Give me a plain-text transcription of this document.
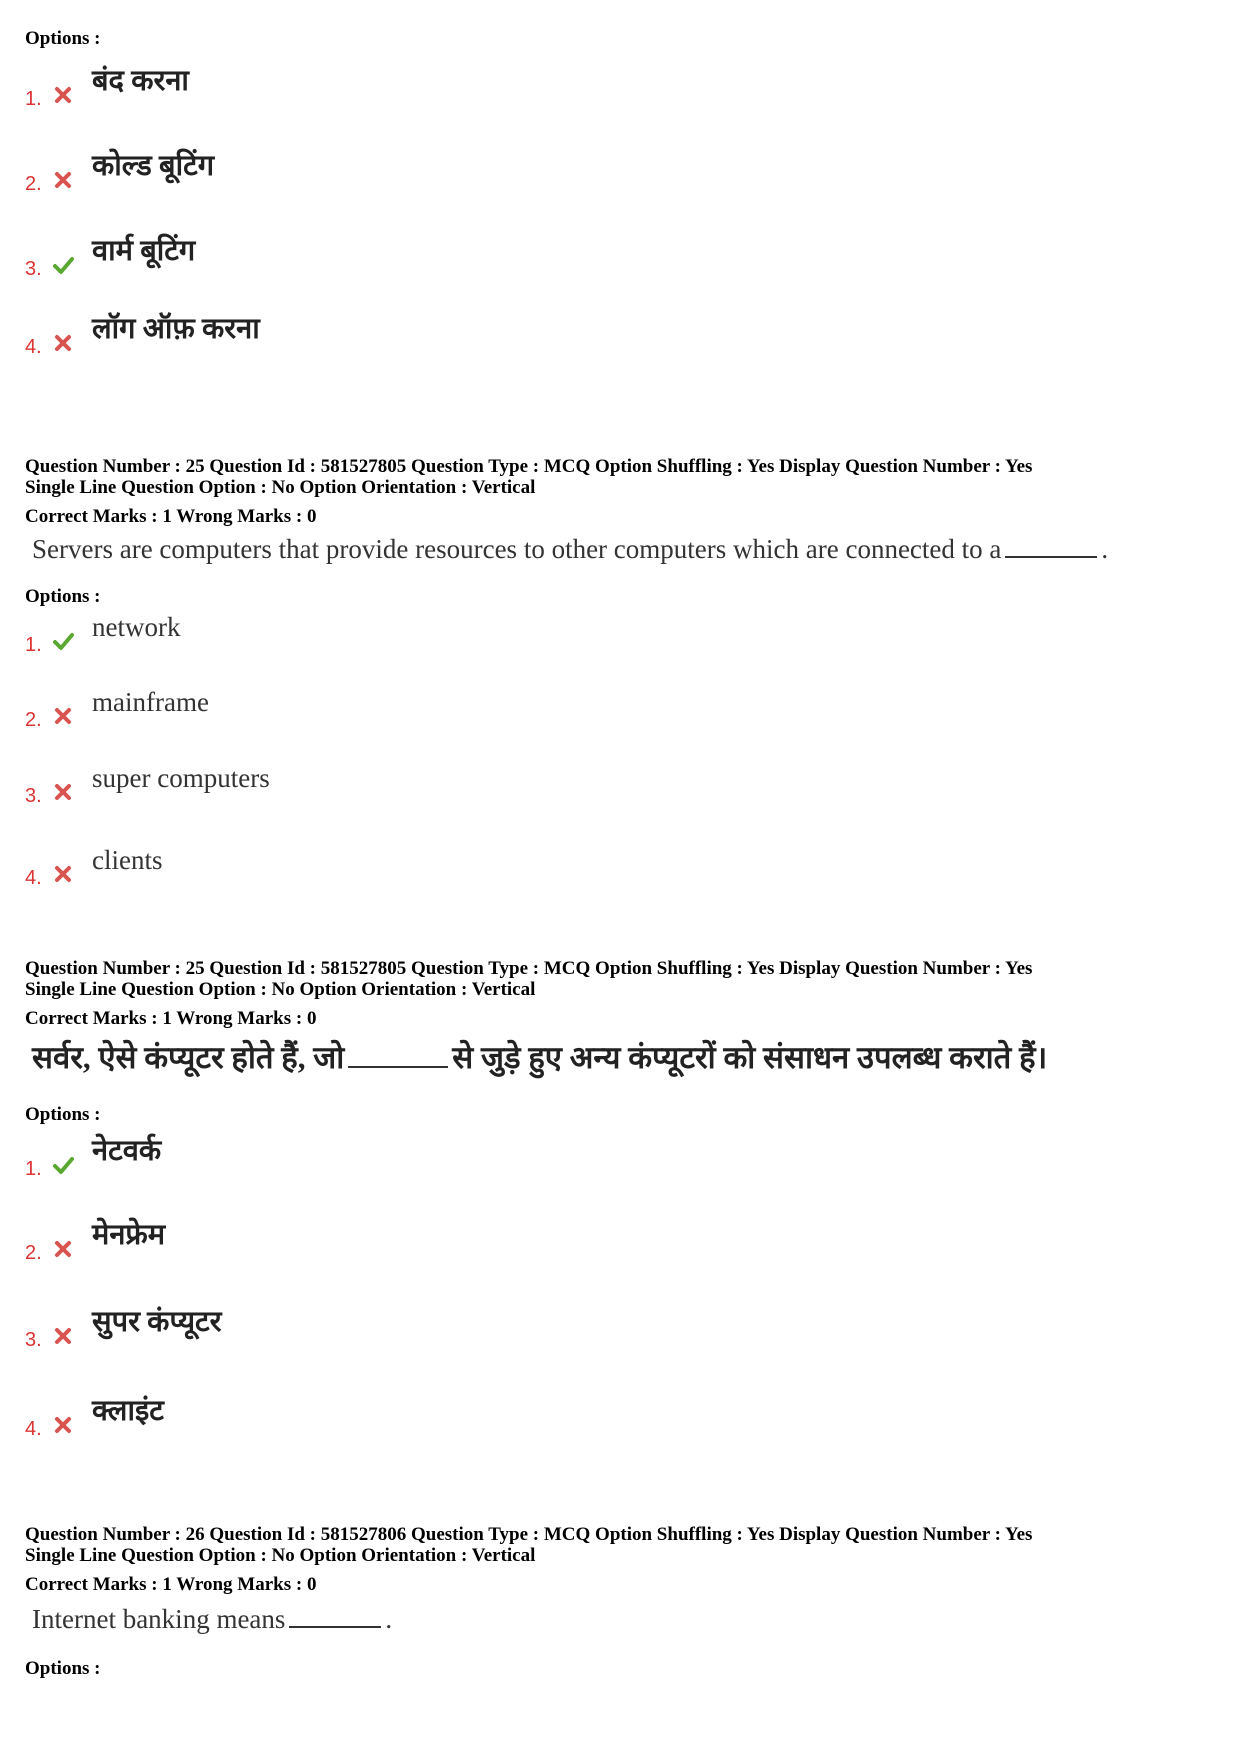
Options :
1.
बंद करना
2.
कोल्ड बूटिंग
3.
वार्म बूटिंग
4.
लॉग ऑफ़ करना
Question Number : 25 Question Id : 581527805 Question Type : MCQ Option Shuffling : Yes Display Question Number : Yes
Single Line Question Option : No Option Orientation : Vertical
Correct Marks : 1 Wrong Marks : 0
Servers are computers that provide resources to other computers which are connected to a	.
Options :
1.
network
2.
mainframe
3.
super computers
4.
clients
Question Number : 25 Question Id : 581527805 Question Type : MCQ Option Shuffling : Yes Display Question Number : Yes
Single Line Question Option : No Option Orientation : Vertical
Correct Marks : 1 Wrong Marks : 0
सर्वर, ऐसे कंप्यूटर होते हैं, जो	से जुड़े हुए अन्य कंप्यूटरों को संसाधन उपलब्ध कराते हैं।
Options :
1.
नेटवर्क
2.
मेनफ्रेम
3.
सुपर कंप्यूटर
4.
क्लाइंट
Question Number : 26 Question Id : 581527806 Question Type : MCQ Option Shuffling : Yes Display Question Number : Yes
Single Line Question Option : No Option Orientation : Vertical
Correct Marks : 1 Wrong Marks : 0
Internet banking means	.
Options :
